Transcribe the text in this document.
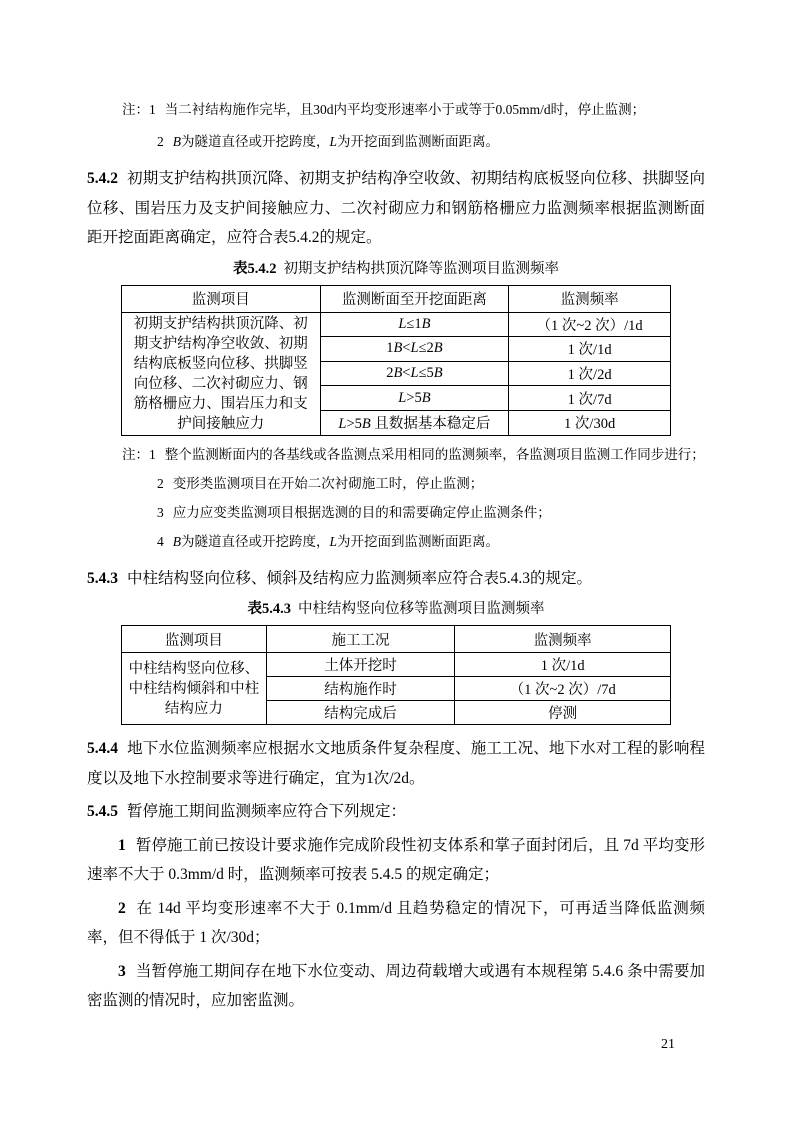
注：1 当二衬结构施作完毕，且30d内平均变形速率小于或等于0.05mm/d时，停止监测；
2 B为隧道直径或开挖跨度，L为开挖面到监测断面距离。

5.4.2 初期支护结构拱顶沉降、初期支护结构净空收敛、初期结构底板竖向位移、拱脚竖向位移、围岩压力及支护间接触应力、二次衬砌应力和钢筋格栅应力监测频率根据监测断面距开挖面距离确定，应符合表5.4.2的规定。

表5.4.2 初期支护结构拱顶沉降等监测项目监测频率
监测项目	监测断面至开挖面距离	监测频率
初期支护结构拱顶沉降、初期支护结构净空收敛、初期结构底板竖向位移、拱脚竖向位移、二次衬砌应力、钢筋格栅应力、围岩压力和支护间接触应力	L≤1B	（1 次~2 次）/1d
	1B<L≤2B	1 次/1d
	2B<L≤5B	1 次/2d
	L>5B	1 次/7d
	L>5B 且数据基本稳定后	1 次/30d
注：1 整个监测断面内的各基线或各监测点采用相同的监测频率，各监测项目监测工作同步进行；
2 变形类监测项目在开始二次衬砌施工时，停止监测；
3 应力应变类监测项目根据选测的目的和需要确定停止监测条件；
4 B为隧道直径或开挖跨度，L为开挖面到监测断面距离。

5.4.3 中柱结构竖向位移、倾斜及结构应力监测频率应符合表5.4.3的规定。

表5.4.3 中柱结构竖向位移等监测项目监测频率
监测项目	施工工况	监测频率
中柱结构竖向位移、中柱结构倾斜和中柱结构应力	土体开挖时	1 次/1d
	结构施作时	（1 次~2 次）/7d
	结构完成后	停测

5.4.4 地下水位监测频率应根据水文地质条件复杂程度、施工工况、地下水对工程的影响程度以及地下水控制要求等进行确定，宜为1次/2d。

5.4.5 暂停施工期间监测频率应符合下列规定：

1 暂停施工前已按设计要求施作完成阶段性初支体系和掌子面封闭后，且 7d 平均变形速率不大于 0.3mm/d 时，监测频率可按表 5.4.5 的规定确定；

2 在 14d 平均变形速率不大于 0.1mm/d 且趋势稳定的情况下，可再适当降低监测频率，但不得低于 1 次/30d；

3 当暂停施工期间存在地下水位变动、周边荷载增大或遇有本规程第 5.4.6 条中需要加密监测的情况时，应加密监测。

21
